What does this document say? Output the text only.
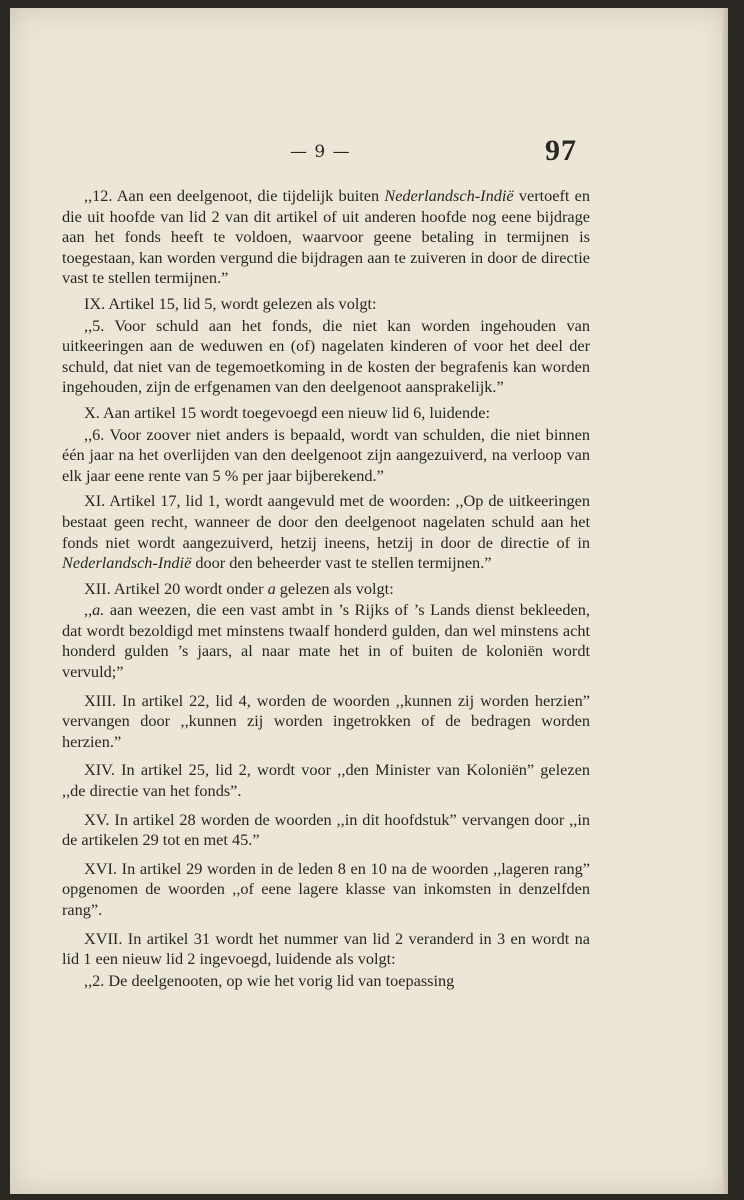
— 9 —	97

,,12. Aan een deelgenoot, die tijdelijk buiten Nederlandsch-Indië vertoeft en die uit hoofde van lid 2 van dit artikel of uit anderen hoofde nog eene bijdrage aan het fonds heeft te voldoen, waarvoor geene betaling in termijnen is toegestaan, kan worden vergund die bijdragen aan te zuiveren in door de directie vast te stellen termijnen.”

IX. Artikel 15, lid 5, wordt gelezen als volgt:

,,5. Voor schuld aan het fonds, die niet kan worden ingehouden van uitkeeringen aan de weduwen en (of) nagelaten kinderen of voor het deel der schuld, dat niet van de tegemoetkoming in de kosten der begrafenis kan worden ingehouden, zijn de erfgenamen van den deelgenoot aansprakelijk.”

X. Aan artikel 15 wordt toegevoegd een nieuw lid 6, luidende:

,,6. Voor zoover niet anders is bepaald, wordt van schulden, die niet binnen één jaar na het overlijden van den deelgenoot zijn aangezuiverd, na verloop van elk jaar eene rente van 5 % per jaar bijberekend.”

XI. Artikel 17, lid 1, wordt aangevuld met de woorden: ,,Op de uitkeeringen bestaat geen recht, wanneer de door den deelgenoot nagelaten schuld aan het fonds niet wordt aangezuiverd, hetzij ineens, hetzij in door de directie of in Nederlandsch-Indië door den beheerder vast te stellen termijnen.”

XII. Artikel 20 wordt onder a gelezen als volgt:

,,a. aan weezen, die een vast ambt in ’s Rijks of ’s Lands dienst bekleeden, dat wordt bezoldigd met minstens twaalf honderd gulden, dan wel minstens acht honderd gulden ’s jaars, al naar mate het in of buiten de koloniën wordt vervuld;”

XIII. In artikel 22, lid 4, worden de woorden ,,kunnen zij worden herzien” vervangen door ,,kunnen zij worden ingetrokken of de bedragen worden herzien.”

XIV. In artikel 25, lid 2, wordt voor ,,den Minister van Koloniën” gelezen ,,de directie van het fonds”.

XV. In artikel 28 worden de woorden ,,in dit hoofdstuk” vervangen door ,,in de artikelen 29 tot en met 45.”

XVI. In artikel 29 worden in de leden 8 en 10 na de woorden ,,lageren rang” opgenomen de woorden ,,of eene lagere klasse van inkomsten in denzelfden rang”.

XVII. In artikel 31 wordt het nummer van lid 2 veranderd in 3 en wordt na lid 1 een nieuw lid 2 ingevoegd, luidende als volgt:

,,2. De deelgenooten, op wie het vorig lid van toepassing
